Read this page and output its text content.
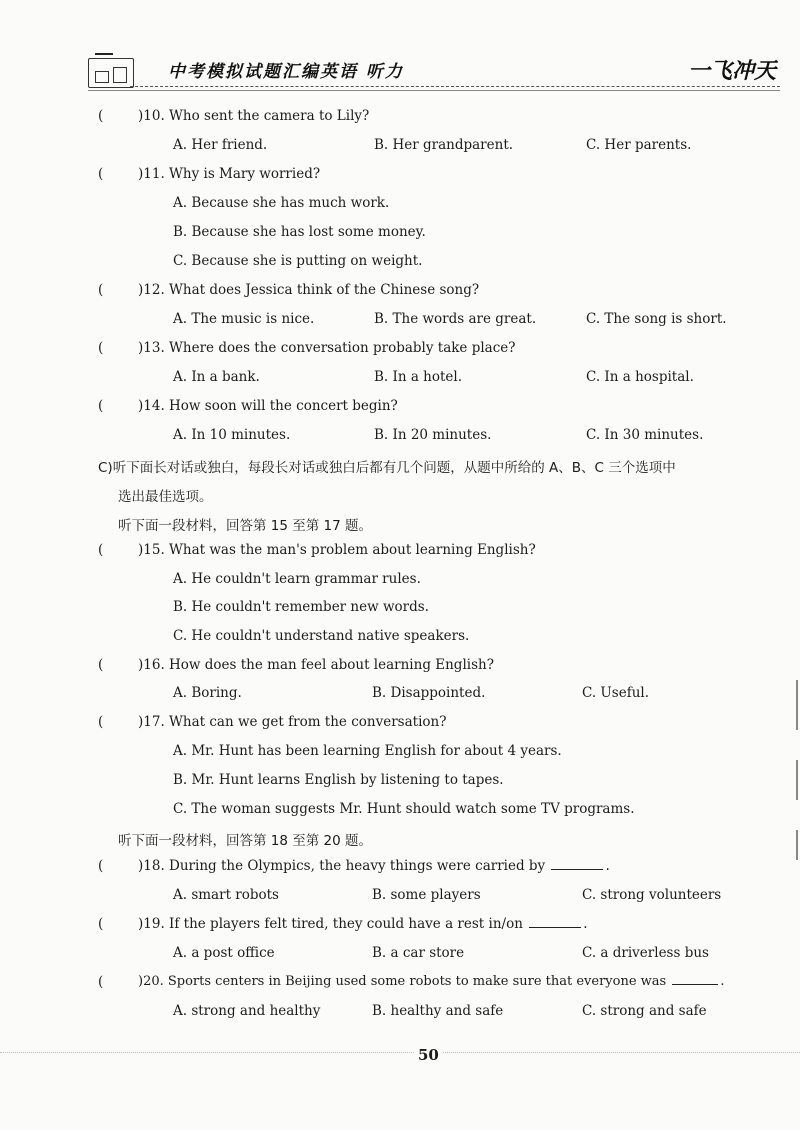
中考模拟试题汇编英语 听力	一飞冲天
(	)10. Who sent the camera to Lily?
A. Her friend.	B. Her grandparent.	C. Her parents.
(	)11. Why is Mary worried?
A. Because she has much work.
B. Because she has lost some money.
C. Because she is putting on weight.
(	)12. What does Jessica think of the Chinese song?
A. The music is nice.	B. The words are great.	C. The song is short.
(	)13. Where does the conversation probably take place?
A. In a bank.	B. In a hotel.	C. In a hospital.
(	)14. How soon will the concert begin?
A. In 10 minutes.	B. In 20 minutes.	C. In 30 minutes.
C)听下面长对话或独白，每段长对话或独白后都有几个问题，从题中所给的 A、B、C 三个选项中
选出最佳选项。
听下面一段材料，回答第 15 至第 17 题。
(	)15. What was the man's problem about learning English?
A. He couldn't learn grammar rules.
B. He couldn't remember new words.
C. He couldn't understand native speakers.
(	)16. How does the man feel about learning English?
A. Boring.	B. Disappointed.	C. Useful.
(	)17. What can we get from the conversation?
A. Mr. Hunt has been learning English for about 4 years.
B. Mr. Hunt learns English by listening to tapes.
C. The woman suggests Mr. Hunt should watch some TV programs.
听下面一段材料，回答第 18 至第 20 题。
(	)18. During the Olympics, the heavy things were carried by	.
A. smart robots	B. some players	C. strong volunteers
(	)19. If the players felt tired, they could have a rest in/on	.
A. a post office	B. a car store	C. a driverless bus
(	)20. Sports centers in Beijing used some robots to make sure that everyone was	.
A. strong and healthy	B. healthy and safe	C. strong and safe
50
